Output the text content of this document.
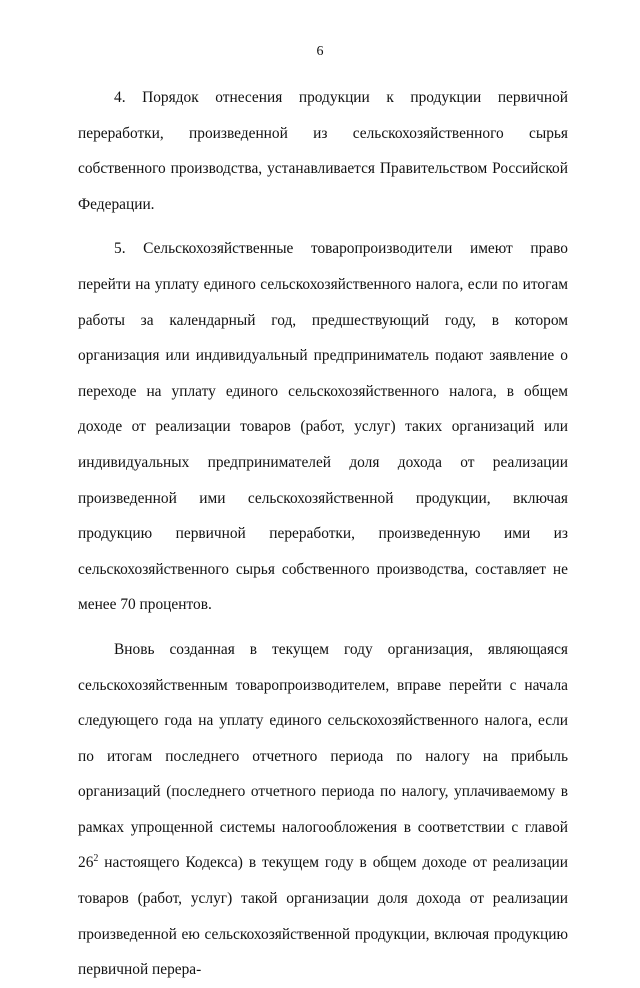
6

4. Порядок отнесения продукции к продукции первичной переработки, произведенной из сельскохозяйственного сырья собственного производства, устанавливается Правительством Российской Федерации.

5. Сельскохозяйственные товаропроизводители имеют право перейти на уплату единого сельскохозяйственного налога, если по итогам работы за календарный год, предшествующий году, в котором организация или индивидуальный предприниматель подают заявление о переходе на уплату единого сельскохозяйственного налога, в общем доходе от реализации товаров (работ, услуг) таких организаций или индивидуальных предпринимателей доля дохода от реализации произведенной ими сельскохозяйственной продукции, включая продукцию первичной переработки, произведенную ими из сельскохозяйственного сырья собственного производства, составляет не менее 70 процентов.

Вновь созданная в текущем году организация, являющаяся сельскохозяйственным товаропроизводителем, вправе перейти с начала следующего года на уплату единого сельскохозяйственного налога, если по итогам последнего отчетного периода по налогу на прибыль организаций (последнего отчетного периода по налогу, уплачиваемому в рамках упрощенной системы налогообложения в соответствии с главой $26^2$ настоящего Кодекса) в текущем году в общем доходе от реализации товаров (работ, услуг) такой организации доля дохода от реализации произведенной ею сельскохозяйственной продукции, включая продукцию первичной перера-
